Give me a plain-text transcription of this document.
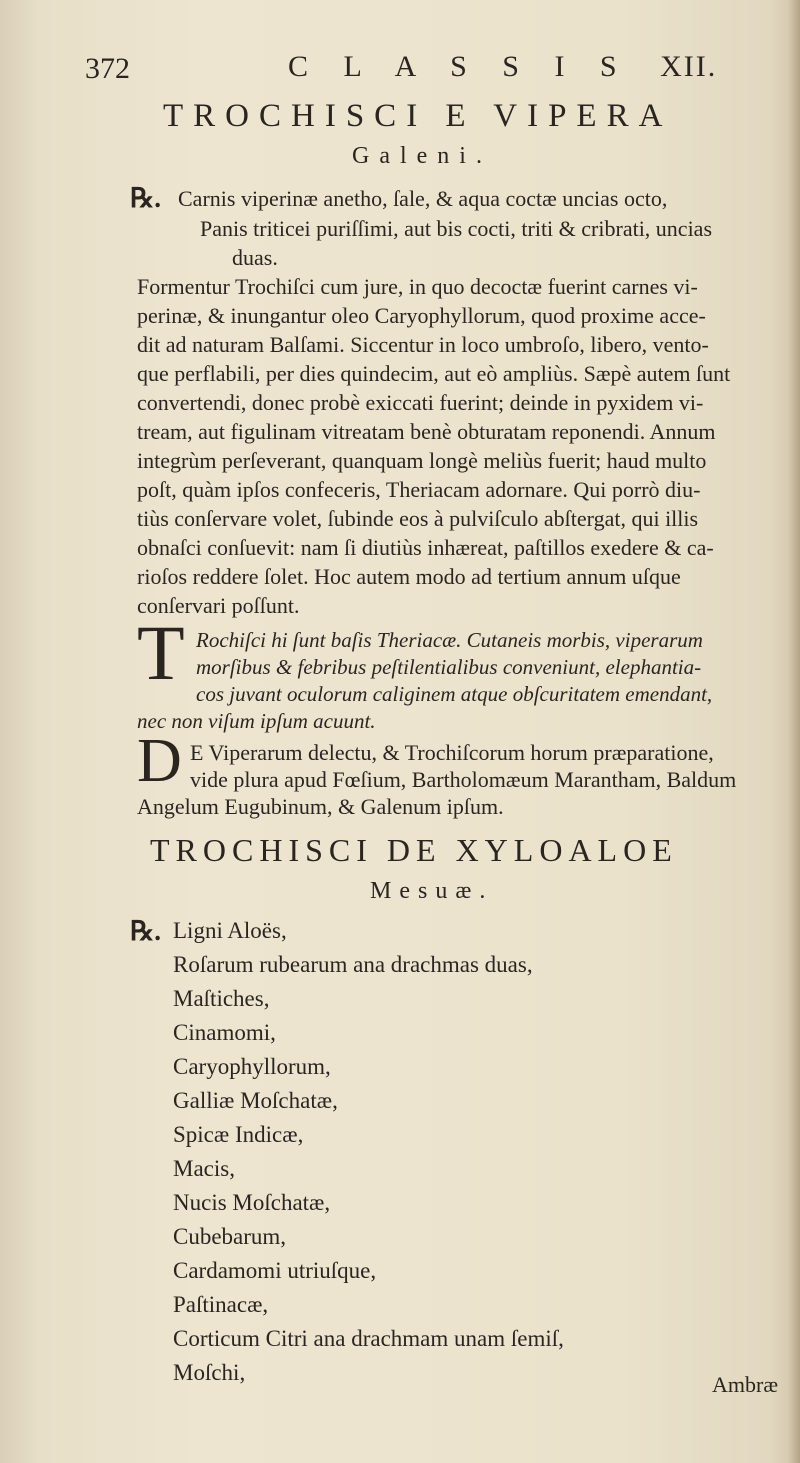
372	C L A S S I S XII.
TROCHISCI E VIPERA
Galeni.
℞. Carnis viperinæ anetho, ſale, & aqua coctæ uncias octo,
Panis triticei puriſſimi, aut bis cocti, triti & cribrati, uncias
duas.
Formentur Trochiſci cum jure, in quo decoctæ fuerint carnes vi-
perinæ, & inungantur oleo Caryophyllorum, quod proxime acce-
dit ad naturam Balſami. Siccentur in loco umbroſo, libero, vento-
que perflabili, per dies quindecim, aut eò ampliùs. Sæpè autem ſunt
convertendi, donec probè exiccati fuerint; deinde in pyxidem vi-
tream, aut figulinam vitreatam benè obturatam reponendi. Annum
integrùm perſeverant, quanquam longè meliùs fuerit; haud multo
poſt, quàm ipſos confeceris, Theriacam adornare. Qui porrò diu-
tiùs conſervare volet, ſubinde eos à pulviſculo abſtergat, qui illis
obnaſci conſuevit: nam ſi diutiùs inhæreat, paſtillos exedere & ca-
rioſos reddere ſolet. Hoc autem modo ad tertium annum uſque
conſervari poſſunt.
T Rochiſci hi ſunt baſis Theriacæ. Cutaneis morbis, viperarum
morſibus & febribus peſtilentialibus conveniunt, elephantia-
cos juvant oculorum caliginem atque obſcuritatem emendant,
nec non viſum ipſum acuunt.
D E Viperarum delectu, & Trochiſcorum horum præparatione,
vide plura apud Fœſium, Bartholomæum Marantham, Baldum
Angelum Eugubinum, & Galenum ipſum.
TROCHISCI DE XYLOALOE
Mesuæ.
℞. Ligni Aloës,
Roſarum rubearum ana drachmas duas,
Maſtiches,
Cinamomi,
Caryophyllorum,
Galliæ Moſchatæ,
Spicæ Indicæ,
Macis,
Nucis Moſchatæ,
Cubebarum,
Cardamomi utriuſque,
Paſtinacæ,
Corticum Citri ana drachmam unam ſemiſ,
Moſchi,	Ambræ
